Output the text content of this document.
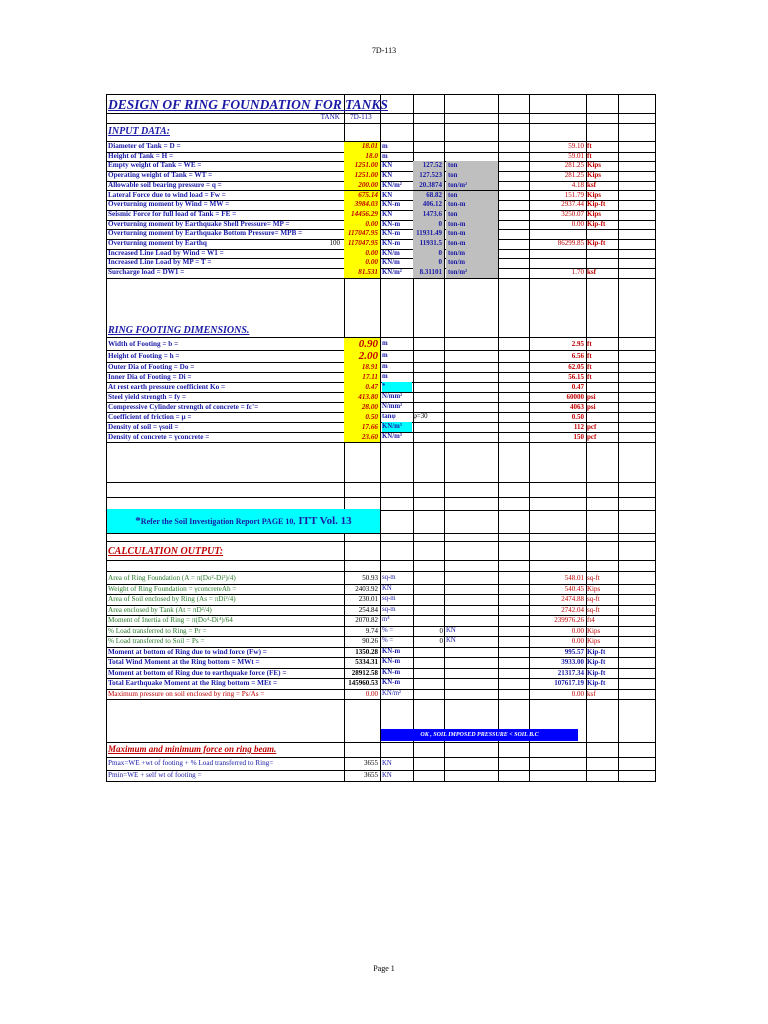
7D-113
DESIGN OF RING FOUNDATION FOR TANKS
TANK 7D-113
INPUT DATA:
Diameter of Tank = D =	18.01 m	59.10 ft
Height of Tank = H =	18.0 m	59.01 ft
Empty weight of Tank = WE =	1251.00 KN	127.52 ton	281.25 Kips
Operating weight of Tank = WT =	1251.00 KN	127.523 ton	281.25 Kips
Allowable soil bearing pressure = q =	200.00 KN/m²	20.3874 ton/m²	4.18 ksf
Lateral Force due to wind load = Fw =	675.14 KN	68.82 ton	151.79 Kips
Overturning moment by Wind = MW =	3984.03 KN-m	406.12 ton-m	2937.44 Kip-ft
Seismic Force for full load of Tank = FE =	14456.29 KN	1473.6 ton	3250.07 Kips
Overturning moment by Earthquake Shell Pressure= MP =	0.00 KN-m	0 ton-m	0.00 Kip-ft
Overturning moment by Earthquake Bottom Pressure= MPB =	117047.95 KN-m	11931.49 ton-m
Overturning moment by Earthq	100	117047.95 KN-m	11931.5 ton-m	86299.85 Kip-ft
Increased Line Load by Wind = W1 =	0.00 KN/m	0 ton/m
Increased Line Load by MP = T =	0.00 KN/m	0 ton/m
Surcharge load = DW1 =	81.531 KN/m²	8.31101 ton/m²	1.70 ksf
RING FOOTING DIMENSIONS.
Width of Footing = b =	0.90 m	2.95 ft
Height of Footing = h =	2.00 m	6.56 ft
Outer Dia of Footing = Do =	18.91 m	62.05 ft
Inner Dia of Footing = Di =	17.11 m	56.15 ft
At rest earth pressure coefficient Ko =	0.47 *	0.47
Steel yield strength = fy =	413.80 N/mm²	60000 psi
Compressive Cylinder strength of concrete = fc'=	28.00 N/mm²	4063 psi
Coefficient of friction = μ =	0.50 tanφ	φ=30	0.50
Density of soil = γsoil =	17.66 KN/m³	112 pcf
Density of concrete = γconcrete =	23.60 KN/m³	150 pcf
*Refer the Soil Investigation Report PAGE 10, ITT Vol. 13
CALCULATION OUTPUT:
Area of Ring Foundation (A = π(Do²-Di²)/4)	50.93 sq-m	548.01 sq-ft
Weight of Ring Foundation = γconcreteAh =	2403.92 KN	540.45 Kips
Area of Soil enclosed by Ring (As = πDi²/4)	230.01 sq-m	2474.88 sq-ft
Area enclosed by Tank (At = πD²/4)	254.84 sq-m	2742.04 sq-ft
Moment of Inertia of Ring = π(Do⁴-Di⁴)/64	2070.82 m⁴	239976.26 ft4
% Load transferred to Ring = Pr =	9.74 % =	0 KN	0.00 Kips
% Load transferred to Soil = Ps =	90.26 % =	0 KN	0.00 Kips
Moment at bottom of Ring due to wind force (Fw) =	1350.28 KN-m	995.57 Kip-ft
Total Wind Moment at the Ring bottom = MWt =	5334.31 KN-m	3933.00 Kip-ft
Moment at bottom of Ring due to earthquake force (FE) =	28912.58 KN-m	21317.34 Kip-ft
Total Earthquake Moment at the Ring bottom = MEt =	145960.53 KN-m	107617.19 Kip-ft
Maximum pressure on soil enclosed by ring = Ps/As =	0.00 KN/m²	0.00 ksf
OK , SOIL IMPOSED PRESSURE < SOIL B.C
Maximum and minimum force on ring beam.
Pmax=WE +wt of footing + % Load transferred to Ring=	3655 KN
Pmin=WE + self wt of footing =	3655 KN
Page 1
